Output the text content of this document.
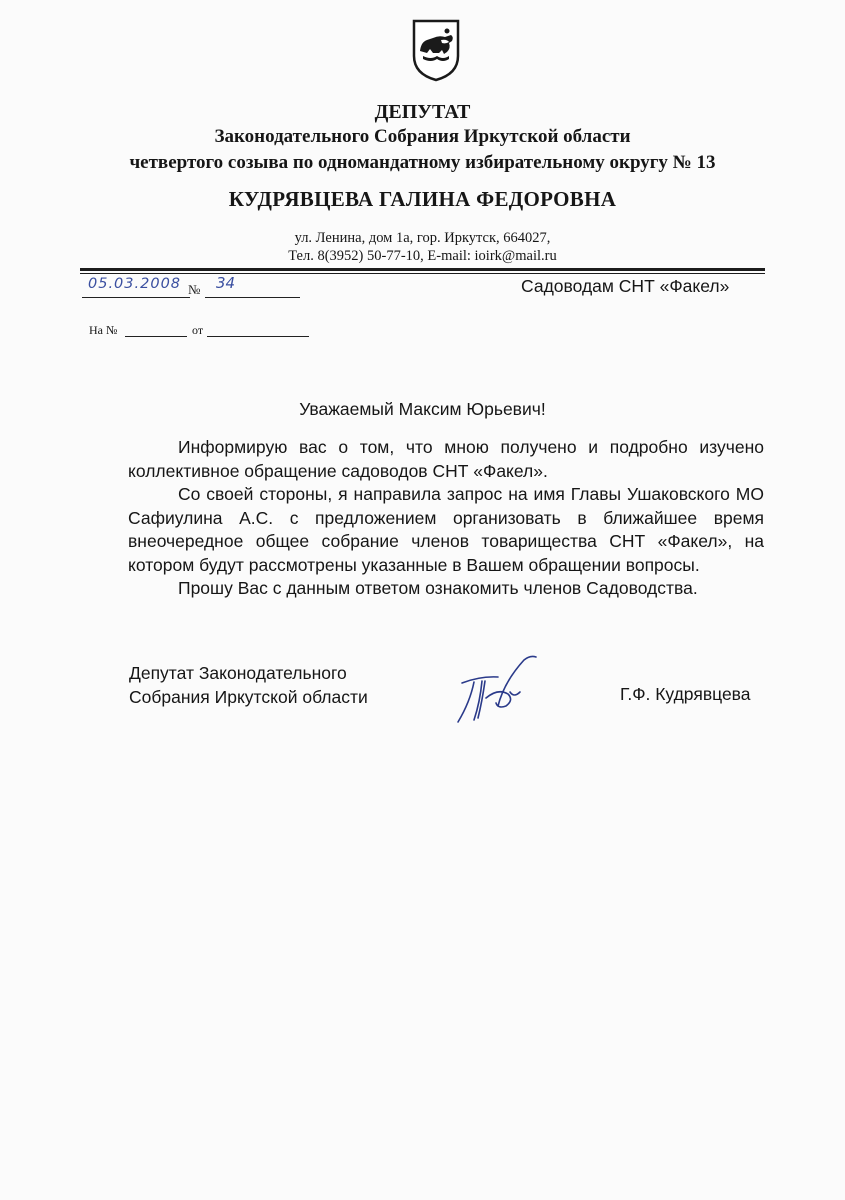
ДЕПУТАТ
Законодательного Собрания Иркутской области
четвертого созыва по одномандатному избирательному округу № 13
КУДРЯВЦЕВА ГАЛИНА ФЕДОРОВНА
ул. Ленина, дом 1а, гор. Иркутск, 664027,
Тел. 8(3952) 50-77-10, E-mail: ioirk@mail.ru
05.03.2008 № 34	Садоводам СНТ «Факел»
На №	от
Уважаемый Максим Юрьевич!

Информирую вас о том, что мною получено и подробно изучено коллективное обращение садоводов СНТ «Факел».

Со своей стороны, я направила запрос на имя Главы Ушаковского МО Сафиулина А.С. с предложением организовать в ближайшее время внеочередное общее собрание членов товарищества СНТ «Факел», на котором будут рассмотрены указанные в Вашем обращении вопросы.

Прошу Вас с данным ответом ознакомить членов Садоводства.

Депутат Законодательного
Собрания Иркутской области	Г.Ф. Кудрявцева
